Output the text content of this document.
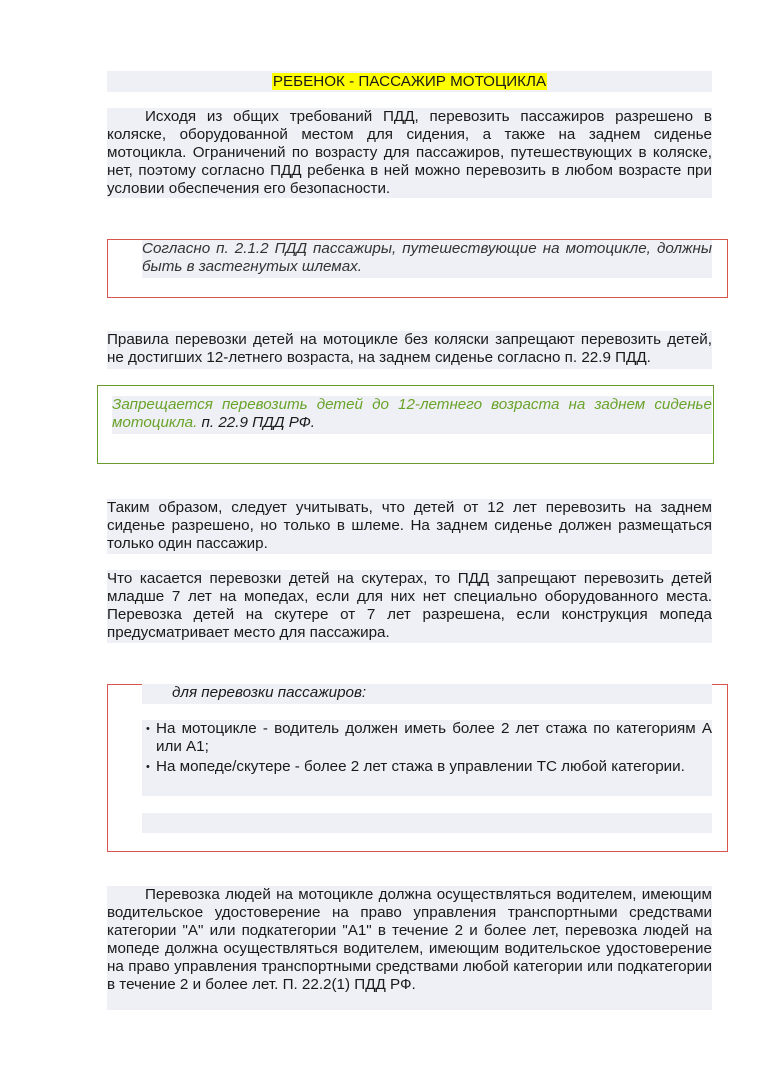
РЕБЕНОК - ПАССАЖИР МОТОЦИКЛА
Исходя из общих требований ПДД, перевозить пассажиров разрешено в коляске, оборудованной местом для сидения, а также на заднем сиденье мотоцикла. Ограничений по возрасту для пассажиров, путешествующих в коляске, нет, поэтому согласно ПДД ребенка в ней можно перевозить в любом возрасте при условии обеспечения его безопасности.
Согласно п. 2.1.2 ПДД пассажиры, путешествующие на мотоцикле, должны быть в застегнутых шлемах.
Правила перевозки детей на мотоцикле без коляски запрещают перевозить детей, не достигших 12-летнего возраста, на заднем сиденье согласно п. 22.9 ПДД.
Запрещается перевозить детей до 12-летнего возраста на заднем сиденье мотоцикла. п. 22.9 ПДД РФ.
Таким образом, следует учитывать, что детей от 12 лет перевозить на заднем сиденье разрешено, но только в шлеме. На заднем сиденье должен размещаться только один пассажир.
Что касается перевозки детей на скутерах, то ПДД запрещают перевозить детей младше 7 лет на мопедах, если для них нет специально оборудованного места. Перевозка детей на скутере от 7 лет разрешена, если конструкция мопеда предусматривает место для пассажира.
для перевозки пассажиров:
• На мотоцикле - водитель должен иметь более 2 лет стажа по категориям А или А1;
• На мопеде/скутере - более 2 лет стажа в управлении ТС любой категории.
Перевозка людей на мотоцикле должна осуществляться водителем, имеющим водительское удостоверение на право управления транспортными средствами категории "A" или подкатегории "A1" в течение 2 и более лет, перевозка людей на мопеде должна осуществляться водителем, имеющим водительское удостоверение на право управления транспортными средствами любой категории или подкатегории в течение 2 и более лет. П. 22.2(1) ПДД РФ.
